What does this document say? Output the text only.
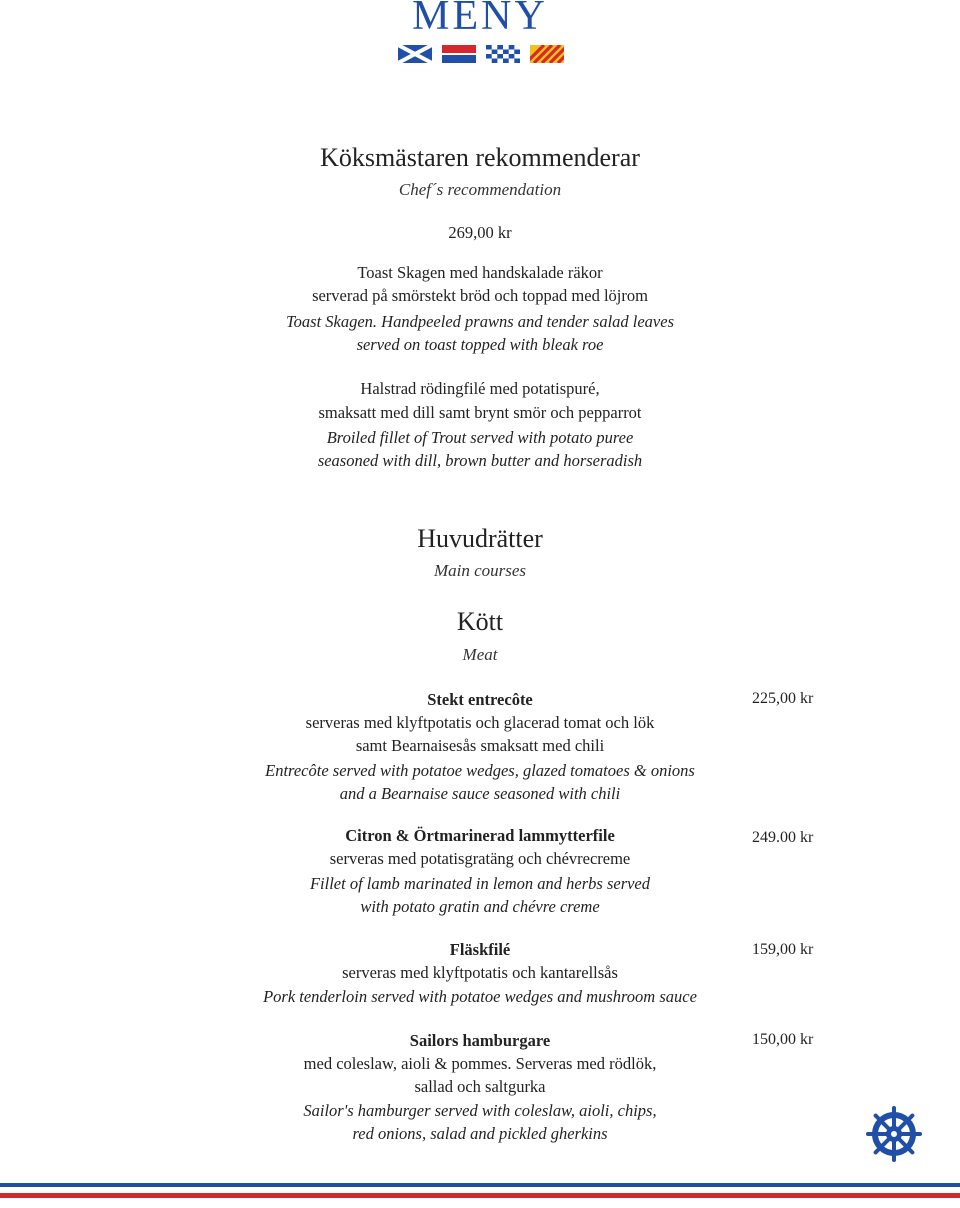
MENY
Köksmästaren rekommenderar
Chef´s recommendation
269,00 kr
Toast Skagen med handskalade räkor
serverad på smörstekt bröd och toppad med löjrom
Toast Skagen. Handpeeled prawns and tender salad leaves
served on toast topped with bleak roe
Halstrad rödingfilé med potatispuré,
smaksatt med dill samt brynt smör och pepparrot
Broiled fillet of Trout served with potato puree
seasoned with dill, brown butter and horseradish
Huvudrätter
Main courses
Kött
Meat
Stekt entrecôte
serveras med klyftpotatis och glacerad tomat och lök
samt Bearnaisesås smaksatt med chili
Entrecôte served with potatoe wedges, glazed tomatoes & onions
and a Bearnaise sauce seasoned with chili
225,00 kr
Citron & Örtmarinerad lammytterfile
serveras med potatisgratäng och chévrecreme
Fillet of lamb marinated in lemon and herbs served
with potato gratin and chévre creme
249.00 kr
Fläskfilé
serveras med klyftpotatis och kantarellsås
Pork tenderloin served with potatoe wedges and mushroom sauce
159,00 kr
Sailors hamburgare
med coleslaw, aioli & pommes. Serveras med rödlök,
sallad och saltgurka
Sailor's hamburger served with coleslaw, aioli, chips,
red onions, salad and pickled gherkins
150,00 kr
